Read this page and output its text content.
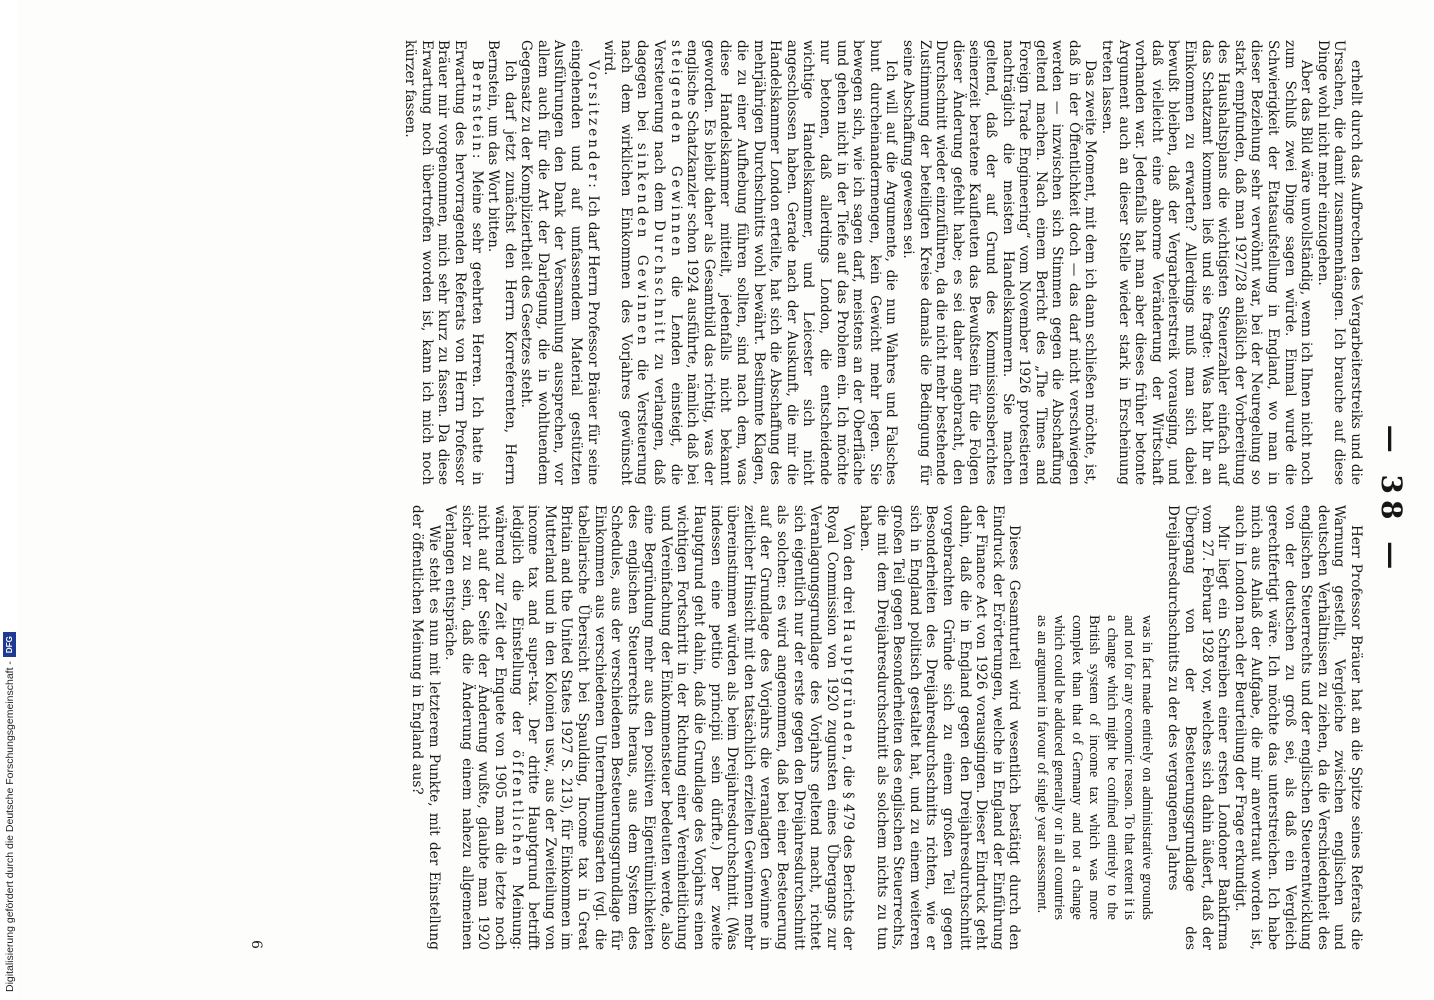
— 38 —

erhellt durch das Aufbrechen des Vergarbeiterstreiks und die Ursachen, die damit zusammenhängen. Ich brauche auf diese Dinge wohl nicht mehr einzugehen.

Aber das Bild wäre unvollständig, wenn ich Ihnen nicht noch zum Schluß zwei Dinge sagen würde. Einmal wurde die Schwierigkeit der Etatsaufstellung in England, wo man in dieser Beziehung sehr verwöhnt war, bei der Neuregelung so stark empfunden, daß man 1927/28 anläßlich der Vorbereitung des Haushaltsplans die wichtigsten Steuerzahler einfach auf das Schatzamt kommen ließ und sie fragte: Was habt Ihr an Einkommen zu erwarten? Allerdings muß man sich dabei bewußt bleiben, daß der Vergarbeiterstreik vorausging, und daß vielleicht eine abnorme Veränderung der Wirtschaft vorhanden war. Jedenfalls hat man aber dieses früher betonte Argument auch an dieser Stelle wieder stark in Erscheinung treten lassen.

Das zweite Moment, mit dem ich dann schließen möchte, ist, daß in der Öffentlichkeit doch — das darf nicht verschwiegen werden — inzwischen sich Stimmen gegen die Abschaffung geltend machen. Nach einem Bericht des „The Times and Foreign Trade Engineering“ vom November 1926 protestieren nachträglich die meisten Handelskammern. Sie machen geltend, daß der auf Grund des Kommissionsberichtes seinerzeit beratene Kaufleuten das Bewußtsein für die Folgen dieser Änderung gefehlt habe; es sei daher angebracht, den Durchschnitt wieder einzuführen, da die nicht mehr bestehende Zustimmung der beteiligten Kreise damals die Bedingung für seine Abschaffung gewesen sei.

Ich will auf die Argumente, die nun Wahres und Falsches bunt durcheinandermengen, kein Gewicht mehr legen. Sie bewegen sich, wie ich sagen darf, meistens an der Oberfläche und gehen nicht in der Tiefe auf das Problem ein. Ich möchte nur betonen, daß allerdings London, die entscheidende wichtige Handelskammer, und Leicester sich nicht angeschlossen haben. Gerade nach der Auskunft, die mir die Handelskammer London erteilte, hat sich die Abschaffung des mehrjährigen Durchschnitts wohl bewährt. Bestimmte Klagen, die zu einer Aufhebung führen sollten, sind nach dem, was diese Handelskammer mitteilt, jedenfalls nicht bekannt geworden. Es bleibt daher als Gesamtbild das richtig, was der englische Schatzkanzler schon 1924 ausführte, nämlich daß bei steigenden Gewinnen die Lenden einsteigt, die Versteuerung nach dem Durchschnitt zu verlangen, daß dagegen bei sinkenden Gewinnen die Versteuerung nach dem wirklichen Einkommen des Vorjahres gewünscht wird.

Vorsitzender: Ich darf Herrn Professor Bräuer für seine eingehenden und auf umfassendem Material gestützten Ausführungen den Dank der Versammlung aussprechen, vor allem auch für die Art der Darlegung, die in wohltuendem Gegensatz zu der Kompliziertheit des Gesetzes steht.

Ich darf jetzt zunächst den Herrn Korreferenten, Herrn Bernstein, um das Wort bitten.

Bernstein: Meine sehr geehrten Herren. Ich hatte in Erwartung des hervorragenden Referats von Herrn Professor Bräuer mir vorgenommen, mich sehr kurz zu fassen. Da diese Erwartung noch übertroffen worden ist, kann ich mich noch kürzer fassen.

Herr Professor Bräuer hat an die Spitze seines Referats die Warnung gestellt, Vergleiche zwischen englischen und deutschen Verhältnissen zu ziehen, da die Verschiedenheit des englischen Steuerrechts und der englischen Steuerentwicklung von der deutschen zu groß sei, als daß ein Vergleich gerechtfertigt wäre. Ich möchte das unterstreichen. Ich habe mich aus Anlaß der Aufgabe, die mir anvertraut worden ist, auch in London nach der Beurteilung der Frage erkundigt.

Mir liegt ein Schreiben einer ersten Londoner Bankfirma vom 27. Februar 1928 vor, welches sich dahin äußert, daß der Übergang von der Besteuerungsgrundlage des Dreijahresdurchschnitts zu der des vergangenen Jahres

was in fact made entirely on administrative grounds and not for any economic reason. To that extent it is a change which might be confined entirely to the British system of income tax which was more complex than that of Germany and not a change which could be adduced generally or in all countries as an argument in favour of single year assessment.

Dieses Gesamturteil wird wesentlich bestätigt durch den Eindruck der Erörterungen, welche in England der Einführung der Finance Act von 1926 vorausgingen. Dieser Eindruck geht dahin, daß die in England gegen den Dreijahresdurchschnitt vorgebrachten Gründe sich zu einem großen Teil gegen Besonderheiten des Dreijahresdurchschnitts richten, wie er sich in England politisch gestaltet hat, und zu einem weiteren großen Teil gegen Besonderheiten des englischen Steuerrechts, die mit dem Dreijahresdurchschnitt als solchem nichts zu tun haben.

Von den drei Hauptgründen, die § 479 des Berichts der Royal Commission von 1920 zugunsten eines Übergangs zur Veranlagungsgrundlage des Vorjahrs geltend macht, richtet sich eigentlich nur der erste gegen den Dreijahresdurchschnitt als solchen: es wird angenommen, daß bei einer Besteuerung auf der Grundlage des Vorjahrs die veranlagten Gewinne in zeitlicher Hinsicht mit den tatsächlich erzielten Gewinnen mehr übereinstimmen würden als beim Dreijahresdurchschnitt. (Was indessen eine petitio principii sein dürfte.) Der zweite Hauptgrund geht dahin, daß die Grundlage des Vorjahrs einen wichtigen Fortschritt in der Richtung einer Vereinheitlichung und Vereinfachung der Einkommensteuer bedeuten werde, also eine Begründung mehr aus den positiven Eigentümlichkeiten des englischen Steuerrechts heraus, aus dem System des Schedules, aus der verschiedenen Besteuerungsgrundlage für Einkommen aus verschiedenen Unternehmungsarten (vgl. die tabellarische Übersicht bei Spaulding, Income tax in Great Britain and the United States 1927 S. 213), für Einkommen im Mutterland und in den Kolonien usw., aus der Zweiteilung von income tax and super-tax. Der dritte Hauptgrund betrifft lediglich die Einstellung der öffentlichen Meinung: während zur Zeit der Enquete von 1905 man die letzte noch nicht auf der Seite der Änderung wußte, glaubte man 1920 sicher zu sein, daß die Änderung einem nahezu allgemeinen Verlangen entspräche.

Wie steht es nun mit letzterem Punkte, mit der Einstellung der öffentlichen Meinung in England aus?

6
Digitalisierung gefördert durch die Deutsche Forschungsgemeinschaft -
DFG
